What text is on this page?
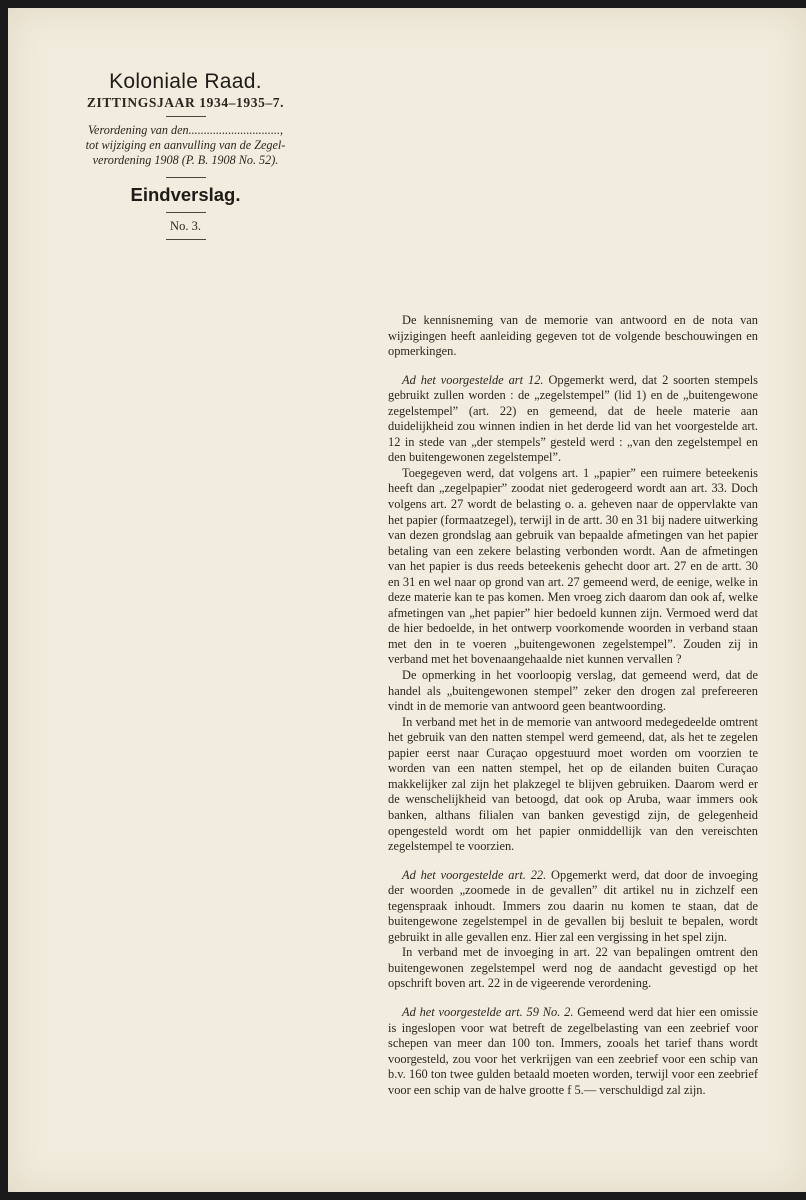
Koloniale Raad.
ZITTINGSJAAR 1934–1935–7.
Verordening van den..............................,
tot wijziging en aanvulling van de Zegel-
verordening 1908 (P. B. 1908 No. 52).
Eindverslag.
No. 3.

De kennisneming van de memorie van antwoord en de nota van wijzigingen heeft aanleiding gegeven tot de volgende beschouwingen en opmerkingen.

Ad het voorgestelde art 12. Opgemerkt werd, dat 2 soorten stempels gebruikt zullen worden : de „zegelstempel” (lid 1) en de „buitengewone zegelstempel” (art. 22) en gemeend, dat de heele materie aan duidelijkheid zou winnen indien in het derde lid van het voorgestelde art. 12 in stede van „der stempels” gesteld werd : „van den zegelstempel en den buitengewonen zegelstempel”.

Toegegeven werd, dat volgens art. 1 „papier” een ruimere beteekenis heeft dan „zegelpapier” zoodat niet gederogeerd wordt aan art. 33. Doch volgens art. 27 wordt de belasting o. a. geheven naar de oppervlakte van het papier (formaatzegel), terwijl in de artt. 30 en 31 bij nadere uitwerking van dezen grondslag aan gebruik van bepaalde afmetingen van het papier betaling van een zekere belasting verbonden wordt. Aan de afmetingen van het papier is dus reeds beteekenis gehecht door art. 27 en de artt. 30 en 31 en wel naar op grond van art. 27 gemeend werd, de eenige, welke in deze materie kan te pas komen. Men vroeg zich daarom dan ook af, welke afmetingen van „het papier” hier bedoeld kunnen zijn. Vermoed werd dat de hier bedoelde, in het ontwerp voorkomende woorden in verband staan met den in te voeren „buitengewonen zegelstempel”. Zouden zij in verband met het bovenaangehaalde niet kunnen vervallen ?

De opmerking in het voorloopig verslag, dat gemeend werd, dat de handel als „buitengewonen stempel” zeker den drogen zal prefereeren vindt in de memorie van antwoord geen beantwoording.

In verband met het in de memorie van antwoord medegedeelde omtrent het gebruik van den natten stempel werd gemeend, dat, als het te zegelen papier eerst naar Curaçao opgestuurd moet worden om voorzien te worden van een natten stempel, het op de eilanden buiten Curaçao makkelijker zal zijn het plakzegel te blijven gebruiken. Daarom werd er de wenschelijkheid van betoogd, dat ook op Aruba, waar immers ook banken, althans filialen van banken gevestigd zijn, de gelegenheid opengesteld wordt om het papier onmiddellijk van den vereischten zegelstempel te voorzien.

Ad het voorgestelde art. 22. Opgemerkt werd, dat door de invoeging der woorden „zoomede in de gevallen” dit artikel nu in zichzelf een tegenspraak inhoudt. Immers zou daarin nu komen te staan, dat de buitengewone zegelstempel in de gevallen bij besluit te bepalen, wordt gebruikt in alle gevallen enz. Hier zal een vergissing in het spel zijn.

In verband met de invoeging in art. 22 van bepalingen omtrent den buitengewonen zegelstempel werd nog de aandacht gevestigd op het opschrift boven art. 22 in de vigeerende verordening.

Ad het voorgestelde art. 59 No. 2. Gemeend werd dat hier een omissie is ingeslopen voor wat betreft de zegelbelasting van een zeebrief voor schepen van meer dan 100 ton. Immers, zooals het tarief thans wordt voorgesteld, zou voor het verkrijgen van een zeebrief voor een schip van b.v. 160 ton twee gulden betaald moeten worden, terwijl voor een zeebrief voor een schip van de halve grootte f 5.— verschuldigd zal zijn.
